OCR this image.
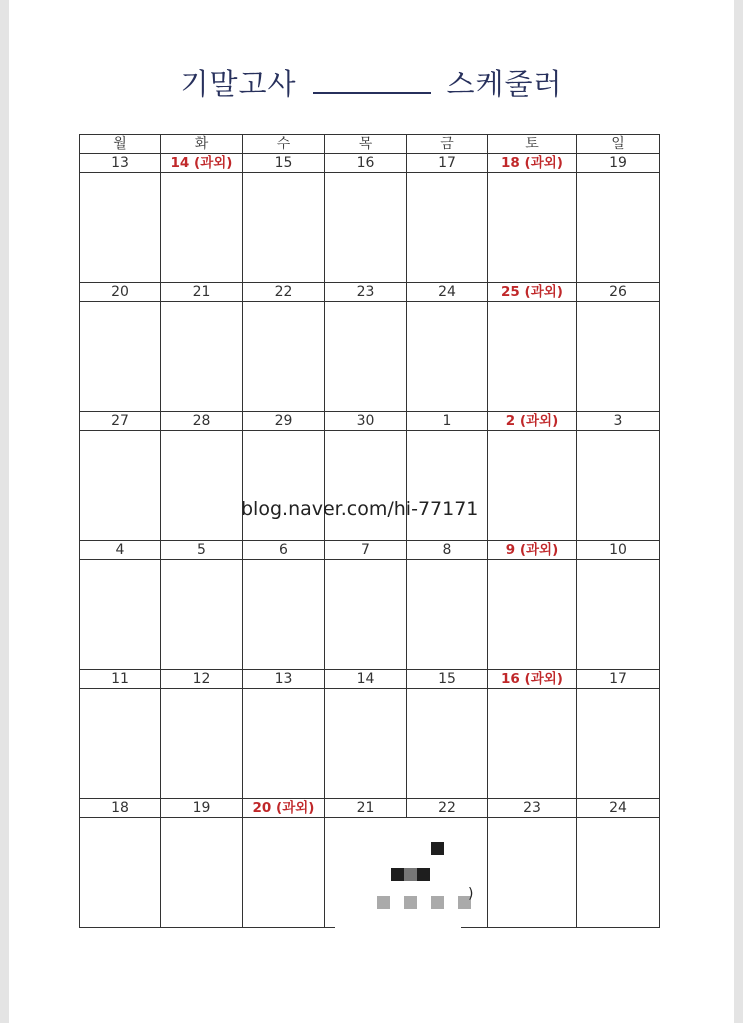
기말고사	스케줄러
월	화	수	목	금	토	일
13	14 (과외)	15	16	17	18 (과외)	19

20	21	22	23	24	25 (과외)	26

27	28	29	30	1	2 (과외)	3

4	5	6	7	8	9 (과외)	10

11	12	13	14	15	16 (과외)	17

18	19	20 (과외)	21	22	23	24

blog.naver.com/hi-77171
)
